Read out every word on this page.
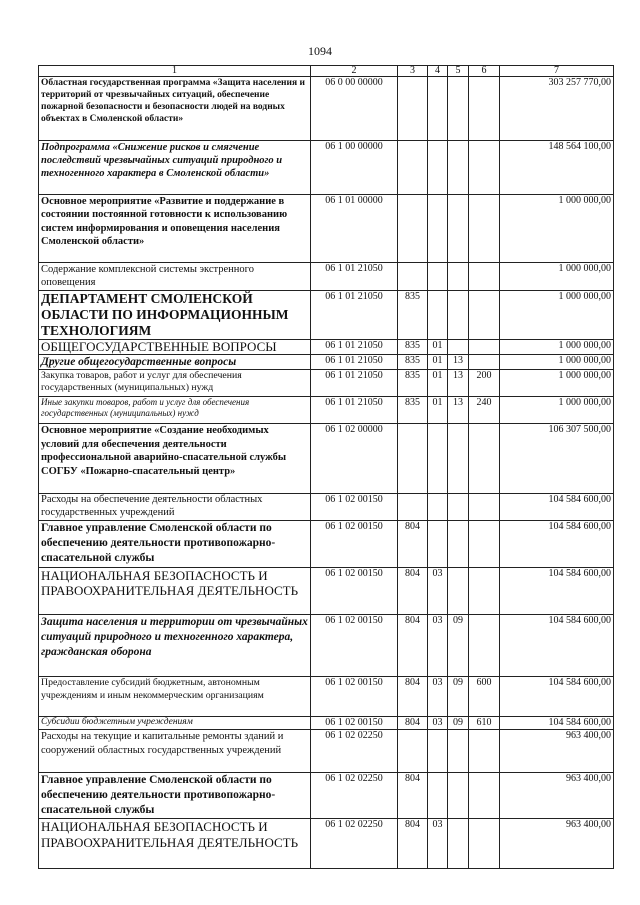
1094
1	2	3	4	5	6	7
Областная государственная программа «Защита населения и территорий от чрезвычайных ситуаций, обеспечение пожарной безопасности и безопасности людей на водных объектах в Смоленской области»	06 0 00 00000					303 257 770,00
Подпрограмма «Снижение рисков и смягчение последствий чрезвычайных ситуаций природного и техногенного характера в Смоленской области»	06 1 00 00000					148 564 100,00
Основное мероприятие «Развитие и поддержание в состоянии постоянной готовности к использованию систем информирования и оповещения населения Смоленской области»	06 1 01 00000					1 000 000,00
Содержание комплексной системы экстренного оповещения	06 1 01 21050					1 000 000,00
ДЕПАРТАМЕНТ СМОЛЕНСКОЙ ОБЛАСТИ ПО ИНФОРМАЦИОННЫМ ТЕХНОЛОГИЯМ	06 1 01 21050	835				1 000 000,00
ОБЩЕГОСУДАРСТВЕННЫЕ ВОПРОСЫ	06 1 01 21050	835	01			1 000 000,00
Другие общегосударственные вопросы	06 1 01 21050	835	01	13		1 000 000,00
Закупка товаров, работ и услуг для обеспечения государственных (муниципальных) нужд	06 1 01 21050	835	01	13	200	1 000 000,00
Иные закупки товаров, работ и услуг для обеспечения государственных (муниципальных) нужд	06 1 01 21050	835	01	13	240	1 000 000,00
Основное мероприятие «Создание необходимых условий для обеспечения деятельности профессиональной аварийно-спасательной службы СОГБУ «Пожарно-спасательный центр»	06 1 02 00000					106 307 500,00
Расходы на обеспечение деятельности областных государственных учреждений	06 1 02 00150					104 584 600,00
Главное управление Смоленской области по обеспечению деятельности противопожарно-спасательной службы	06 1 02 00150	804				104 584 600,00
НАЦИОНАЛЬНАЯ БЕЗОПАСНОСТЬ И ПРАВООХРАНИТЕЛЬНАЯ ДЕЯТЕЛЬНОСТЬ	06 1 02 00150	804	03			104 584 600,00
Защита населения и территории от чрезвычайных ситуаций природного и техногенного характера, гражданская оборона	06 1 02 00150	804	03	09		104 584 600,00
Предоставление субсидий бюджетным, автономным учреждениям и иным некоммерческим организациям	06 1 02 00150	804	03	09	600	104 584 600,00
Субсидии бюджетным учреждениям	06 1 02 00150	804	03	09	610	104 584 600,00
Расходы на текущие и капитальные ремонты зданий и сооружений областных государственных учреждений	06 1 02 02250					963 400,00
Главное управление Смоленской области по обеспечению деятельности противопожарно-спасательной службы	06 1 02 02250	804				963 400,00
НАЦИОНАЛЬНАЯ БЕЗОПАСНОСТЬ И ПРАВООХРАНИТЕЛЬНАЯ ДЕЯТЕЛЬНОСТЬ	06 1 02 02250	804	03			963 400,00
